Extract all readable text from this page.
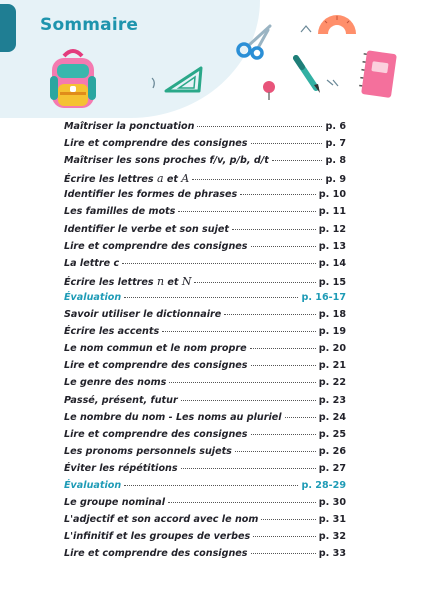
Sommaire
Maîtriser la ponctuation	p. 6
Lire et comprendre des consignes	p. 7
Maîtriser les sons proches f/v, p/b, d/t	p. 8
Écrire les lettres a et A	p. 9
Identifier les formes de phrases	p. 10
Les familles de mots	p. 11
Identifier le verbe et son sujet	p. 12
Lire et comprendre des consignes	p. 13
La lettre c	p. 14
Écrire les lettres n et N	p. 15
Évaluation	p. 16-17
Savoir utiliser le dictionnaire	p. 18
Écrire les accents	p. 19
Le nom commun et le nom propre	p. 20
Lire et comprendre des consignes	p. 21
Le genre des noms	p. 22
Passé, présent, futur	p. 23
Le nombre du nom - Les noms au pluriel	p. 24
Lire et comprendre des consignes	p. 25
Les pronoms personnels sujets	p. 26
Éviter les répétitions	p. 27
Évaluation	p. 28-29
Le groupe nominal	p. 30
L'adjectif et son accord avec le nom	p. 31
L'infinitif et les groupes de verbes	p. 32
Lire et comprendre des consignes	p. 33
